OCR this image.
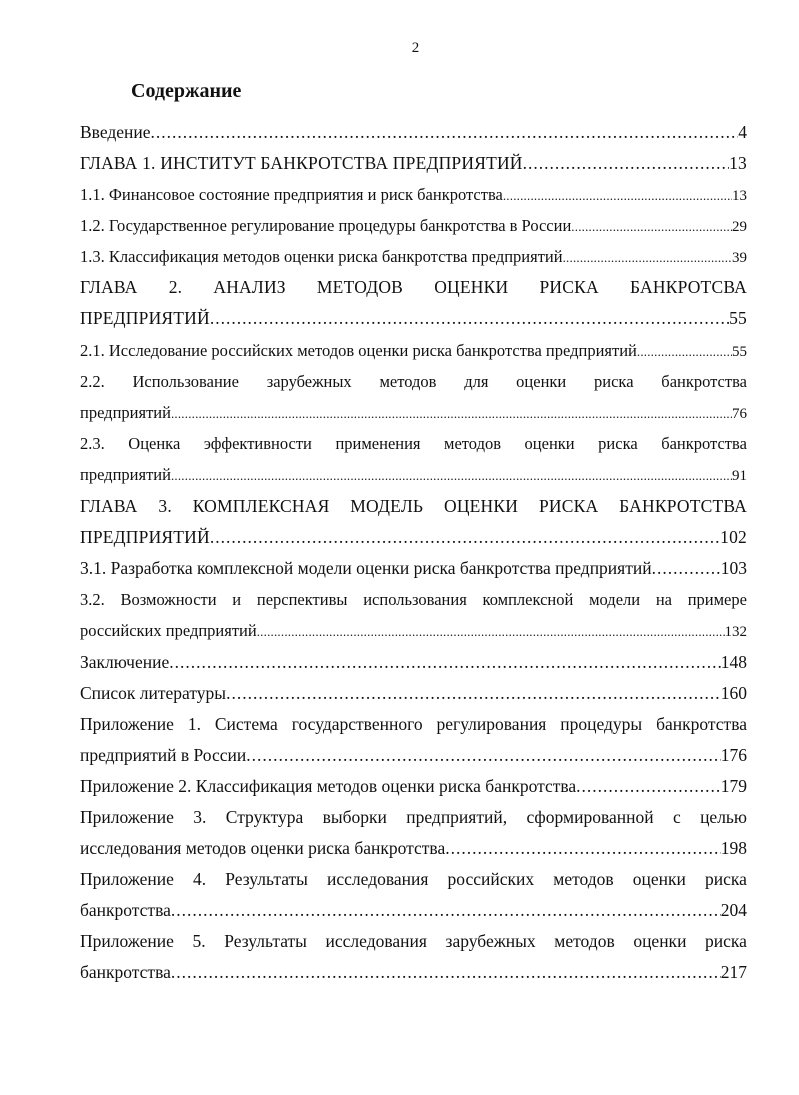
2
Содержание
Введение .....	4
ГЛАВА 1. ИНСТИТУТ БАНКРОТСТВА ПРЕДПРИЯТИЙ .....	13
1.1. Финансовое состояние предприятия и риск банкротства .....	13
1.2. Государственное регулирование процедуры банкротства в России .....	29
1.3. Классификация методов оценки риска банкротства предприятий .....	39
ГЛАВА 2. АНАЛИЗ МЕТОДОВ ОЦЕНКИ РИСКА БАНКРОТСВА
ПРЕДПРИЯТИЙ .....	55
2.1. Исследование российских методов оценки риска банкротства предприятий .....	55
2.2. Использование зарубежных методов для оценки риска банкротства
предприятий .....	76
2.3. Оценка эффективности применения методов оценки риска банкротства
предприятий .....	91
ГЛАВА 3. КОМПЛЕКСНАЯ МОДЕЛЬ ОЦЕНКИ РИСКА БАНКРОТСТВА
ПРЕДПРИЯТИЙ .....	102
3.1. Разработка комплексной модели оценки риска банкротства предприятий .....	103
3.2. Возможности и перспективы использования комплексной модели на примере
российских предприятий .....	132
Заключение .....	148
Список литературы .....	160
Приложение 1. Система государственного регулирования процедуры банкротства
предприятий в России .....	176
Приложение 2. Классификация методов оценки риска банкротства .....	179
Приложение 3. Структура выборки предприятий, сформированной с целью
исследования методов оценки риска банкротства .....	198
Приложение 4. Результаты исследования российских методов оценки риска
банкротства .....	204
Приложение 5. Результаты исследования зарубежных методов оценки риска
банкротства .....	217
